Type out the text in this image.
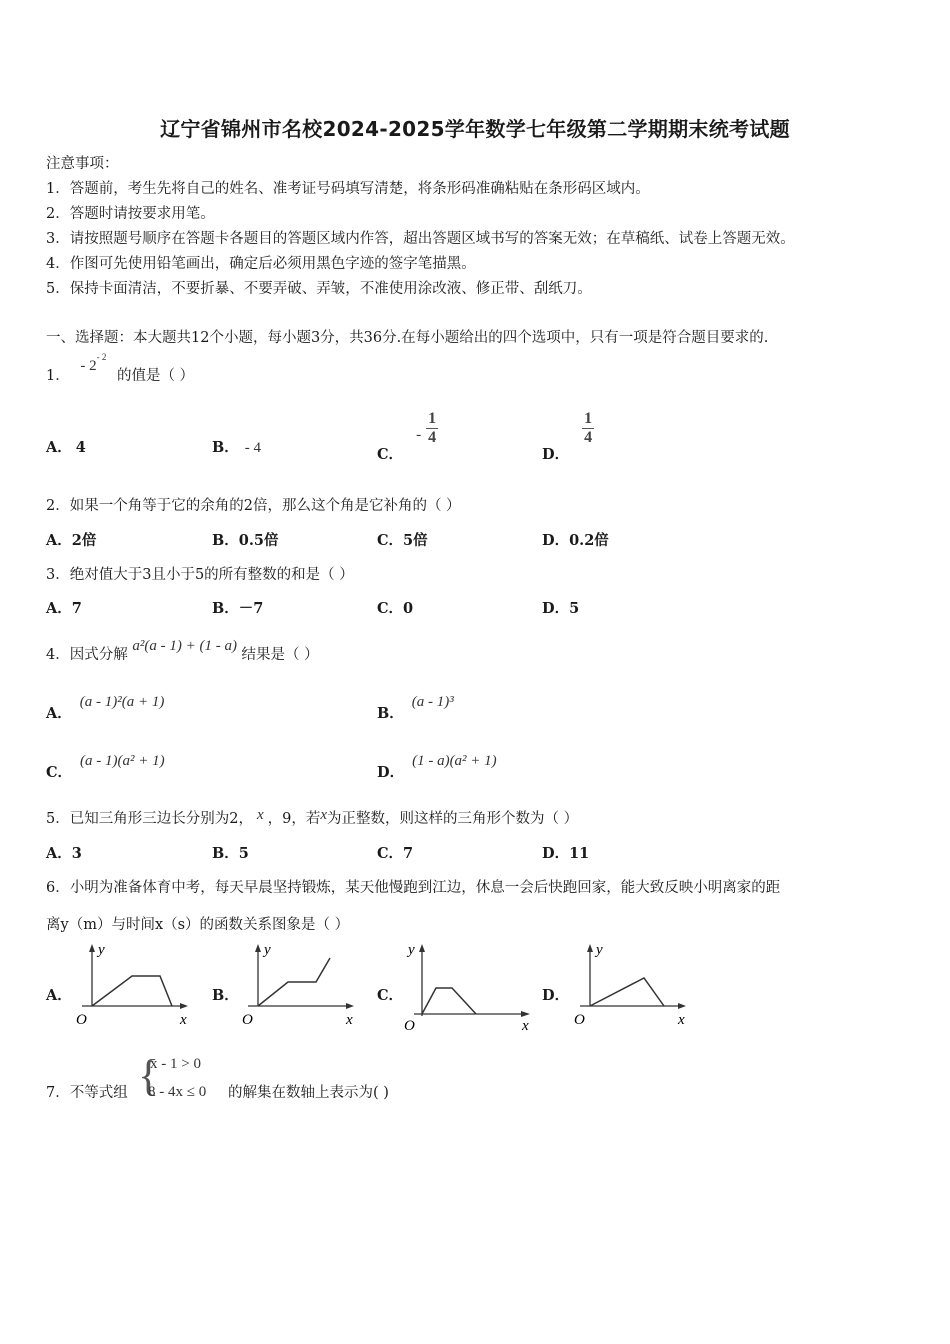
辽宁省锦州市名校2024-2025学年数学七年级第二学期期末统考试题
注意事项：
1．答题前，考生先将自己的姓名、准考证号码填写清楚，将条形码准确粘贴在条形码区域内。
2．答题时请按要求用笔。
3．请按照题号顺序在答题卡各题目的答题区域内作答，超出答题区域书写的答案无效；在草稿纸、试卷上答题无效。
4．作图可先使用铅笔画出，确定后必须用黑色字迹的签字笔描黑。
5．保持卡面清洁，不要折暴、不要弄破、弄皱，不准使用涂改液、修正带、刮纸刀。
一、选择题：本大题共12个小题，每小题3分，共36分.在每小题给出的四个选项中，只有一项是符合题目要求的.
1． - $2^{- 2}$ 的值是（ ）
A． 4	B． - 4	C． - $\frac{1}{4}$
D．
$\frac{1}{4}$
2．如果一个角等于它的余角的2倍，那么这个角是它补角的（ ）
A．2倍	B．0.5倍	C．5倍	D．0.2倍
3．绝对值大于3且小于5的所有整数的和是（ ）
A．7	B．－7	C．0	D．5
4．因式分解 a²(a - 1) + (1 - a) 结果是（ ）
A．(a - 1)²(a + 1)
B．(a - 1)³
C．(a - 1)(a² + 1)
D．(1 - a)(a² + 1)
5．已知三角形三边长分别为2， x ，9，若x为正整数，则这样的三角形个数为（ ）
A．3	B．5	C．7	D．11
6．小明为准备体育中考，每天早晨坚持锻炼，某天他慢跑到江边，休息一会后快跑回家，能大致反映小明离家的距
离y（m）与时间x（s）的函数关系图象是（ ）
A．
y
x
O
B．
y
x
O
C．
y
x
O
D．
y
x
O
7．不等式组 {
x - 1 > 0
8 - 4x ≤ 0 的解集在数轴上表示为( )
